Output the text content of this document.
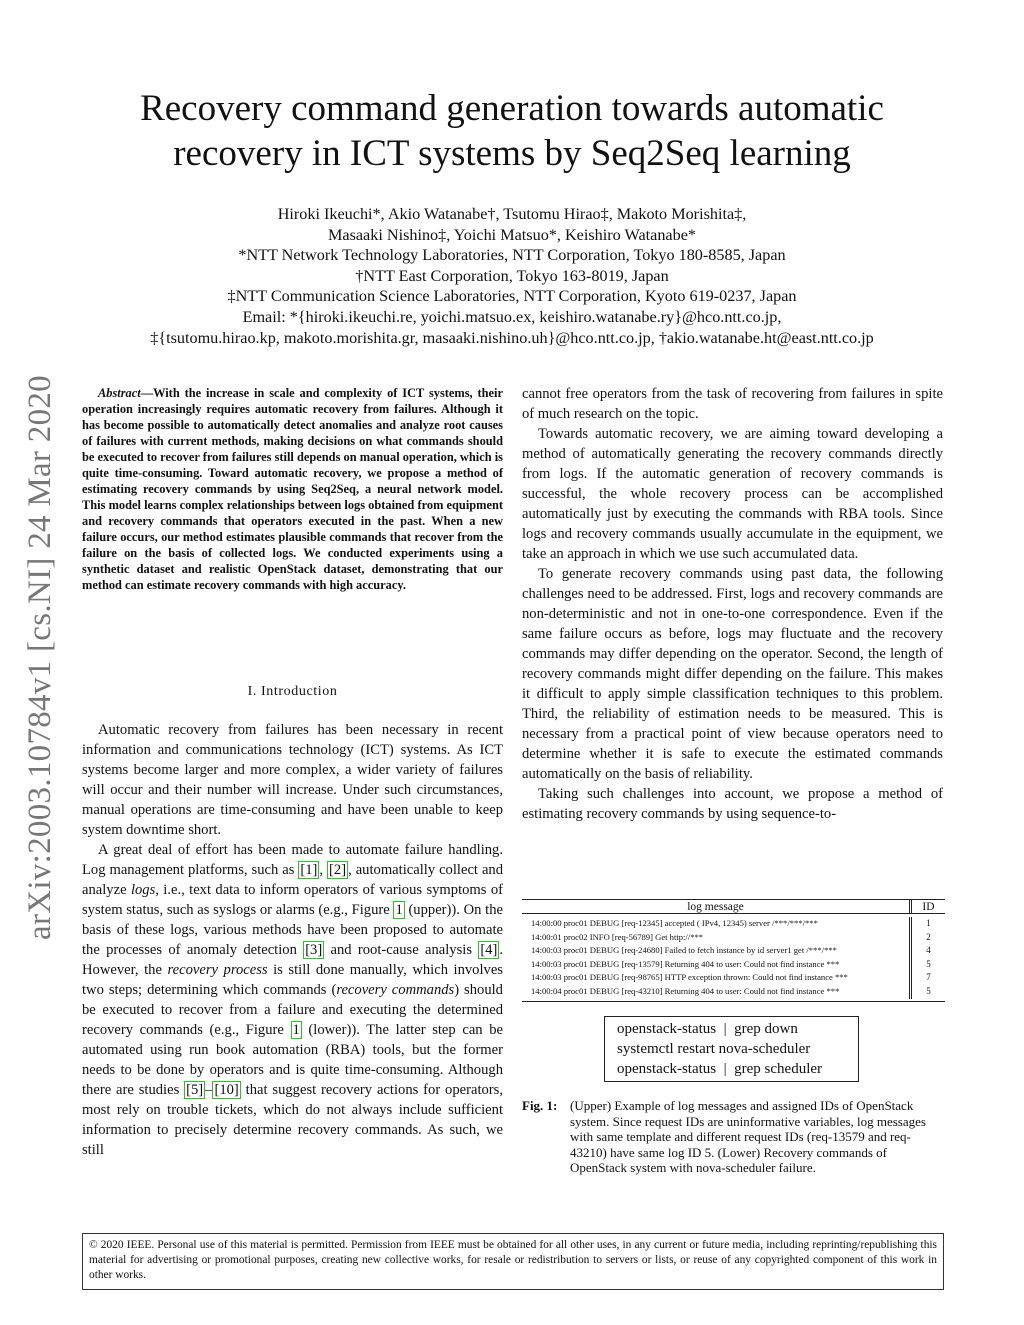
arXiv:2003.10784v1 [cs.NI] 24 Mar 2020
Recovery command generation towards automatic
recovery in ICT systems by Seq2Seq learning
Hiroki Ikeuchi*, Akio Watanabe†, Tsutomu Hirao‡, Makoto Morishita‡,
Masaaki Nishino‡, Yoichi Matsuo*, Keishiro Watanabe*
*NTT Network Technology Laboratories, NTT Corporation, Tokyo 180-8585, Japan
†NTT East Corporation, Tokyo 163-8019, Japan
‡NTT Communication Science Laboratories, NTT Corporation, Kyoto 619-0237, Japan
Email: *{hiroki.ikeuchi.re, yoichi.matsuo.ex, keishiro.watanabe.ry}@hco.ntt.co.jp,
‡{tsutomu.hirao.kp, makoto.morishita.gr, masaaki.nishino.uh}@hco.ntt.co.jp, †akio.watanabe.ht@east.ntt.co.jp
Abstract—With the increase in scale and complexity of ICT systems, their operation increasingly requires automatic recovery from failures. Although it has become possible to automatically detect anomalies and analyze root causes of failures with current methods, making decisions on what commands should be executed to recover from failures still depends on manual operation, which is quite time-consuming. Toward automatic recovery, we propose a method of estimating recovery commands by using Seq2Seq, a neural network model. This model learns complex relationships between logs obtained from equipment and recovery commands that operators executed in the past. When a new failure occurs, our method estimates plausible commands that recover from the failure on the basis of collected logs. We conducted experiments using a synthetic dataset and realistic OpenStack dataset, demonstrating that our method can estimate recovery commands with high accuracy.
I. Introduction

Automatic recovery from failures has been necessary in recent information and communications technology (ICT) systems. As ICT systems become larger and more complex, a wider variety of failures will occur and their number will increase. Under such circumstances, manual operations are time-consuming and have been unable to keep system downtime short.

A great deal of effort has been made to automate failure handling. Log management platforms, such as [1] , [2] , automatically collect and analyze logs, i.e., text data to inform operators of various symptoms of system status, such as syslogs or alarms (e.g., Figure 1 (upper)). On the basis of these logs, various methods have been proposed to automate the processes of anomaly detection [3] and root-cause analysis [4] . However, the recovery process is still done manually, which involves two steps; determining which commands (recovery commands) should be executed to recover from a failure and executing the determined recovery commands (e.g., Figure 1 (lower)). The latter step can be automated using run book automation (RBA) tools, but the former needs to be done by operators and is quite time-consuming. Although there are studies [5] – [10] that suggest recovery actions for operators, most rely on trouble tickets, which do not always include sufficient information to precisely determine recovery commands. As such, we still

cannot free operators from the task of recovering from failures in spite of much research on the topic.

Towards automatic recovery, we are aiming toward developing a method of automatically generating the recovery commands directly from logs. If the automatic generation of recovery commands is successful, the whole recovery process can be accomplished automatically just by executing the commands with RBA tools. Since logs and recovery commands usually accumulate in the equipment, we take an approach in which we use such accumulated data.

To generate recovery commands using past data, the following challenges need to be addressed. First, logs and recovery commands are non-deterministic and not in one-to-one correspondence. Even if the same failure occurs as before, logs may fluctuate and the recovery commands may differ depending on the operator. Second, the length of recovery commands might differ depending on the failure. This makes it difficult to apply simple classification techniques to this problem. Third, the reliability of estimation needs to be measured. This is necessary from a practical point of view because operators need to determine whether it is safe to execute the estimated commands automatically on the basis of reliability.

Taking such challenges into account, we propose a method of estimating recovery commands by using sequence-to-

log message	ID
14:00:00 proc01 DEBUG [req-12345] accepted ( IPv4, 12345) server /***/***/***	1
14:00:01 proc02 INFO [req-56789] Get http://***	2
14:00:03 proc01 DEBUG [req-24680] Failed to fetch instance by id server1 get /***/***	4
14:00:03 proc01 DEBUG [req-13579] Returning 404 to user: Could not find instance ***	5
14:00:03 proc01 DEBUG [req-98765] HTTP exception thrown: Could not find instance ***	7
14:00:04 proc01 DEBUG [req-43210] Returning 404 to user: Could not find instance ***	5
openstack-status  |  grep down
systemctl restart nova-scheduler
openstack-status  |  grep scheduler
Fig. 1: (Upper) Example of log messages and assigned IDs of OpenStack system. Since request IDs are uninformative variables, log messages with same template and different request IDs (req-13579 and req-43210) have same log ID 5. (Lower) Recovery commands of OpenStack system with nova-scheduler failure.
© 2020 IEEE. Personal use of this material is permitted. Permission from IEEE must be obtained for all other uses, in any current or future media, including reprinting/republishing this material for advertising or promotional purposes, creating new collective works, for resale or redistribution to servers or lists, or reuse of any copyrighted component of this work in other works.
